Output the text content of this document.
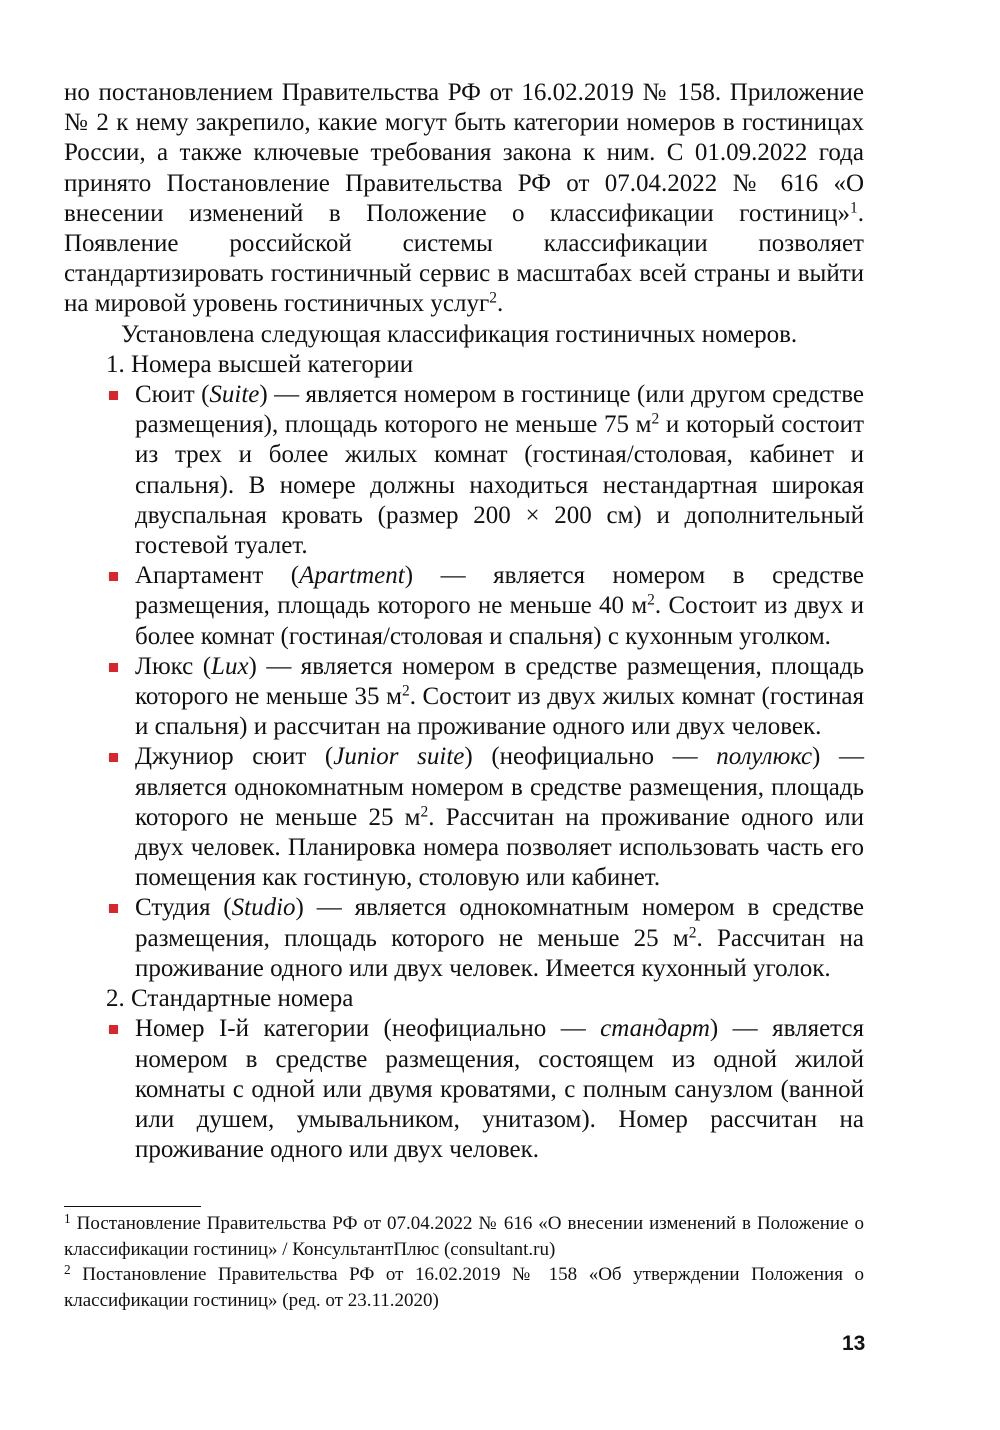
но постановлением Правительства РФ от 16.02.2019 № 158. Приложение № 2 к нему закрепило, какие могут быть категории номеров в гостиницах России, а также ключевые требования закона к ним. С 01.09.2022 года принято Постановление Правительства РФ от 07.04.2022 № 616 «О внесении изменений в Положение о классификации гостиниц»$^1$. Появление российской системы классификации позволяет стандартизировать гостиничный сервис в масштабах всей страны и выйти на мировой уровень гостиничных услуг$^2$.

Установлена следующая классификация гостиничных номеров.

1. Номера высшей категории

Сюит (Suite) — является номером в гостинице (или другом средстве размещения), площадь которого не меньше 75 $м^2$ и который состоит из трех и более жилых комнат (гостиная/столовая, кабинет и спальня). В номере должны находиться нестандартная широкая двуспальная кровать (размер 200 × 200 см) и дополнительный гостевой туалет.

Апартамент (Apartment) — является номером в средстве размещения, площадь которого не меньше 40 $м^2$. Состоит из двух и более комнат (гостиная/столовая и спальня) с кухонным уголком.

Люкс (Lux) — является номером в средстве размещения, площадь которого не меньше 35 $м^2$. Состоит из двух жилых комнат (гостиная и спальня) и рассчитан на проживание одного или двух человек.

Джуниор сюит (Junior suite) (неофициально — полулюкс) — является однокомнатным номером в средстве размещения, площадь которого не меньше 25 $м^2$. Рассчитан на проживание одного или двух человек. Планировка номера позволяет использовать часть его помещения как гостиную, столовую или кабинет.

Студия (Studio) — является однокомнатным номером в средстве размещения, площадь которого не меньше 25 $м^2$. Рассчитан на проживание одного или двух человек. Имеется кухонный уголок.

2. Стандартные номера

Номер I-й категории (неофициально — стандарт) — является номером в средстве размещения, состоящем из одной жилой комнаты с одной или двумя кроватями, с полным санузлом (ванной или душем, умывальником, унитазом). Номер рассчитан на проживание одного или двух человек.

$^1$ Постановление Правительства РФ от 07.04.2022 № 616 «О внесении изменений в Положение о классификации гостиниц» / КонсультантПлюс (consultant.ru)

$^2$ Постановление Правительства РФ от 16.02.2019 № 158 «Об утверждении Положения о классификации гостиниц» (ред. от 23.11.2020)

13
